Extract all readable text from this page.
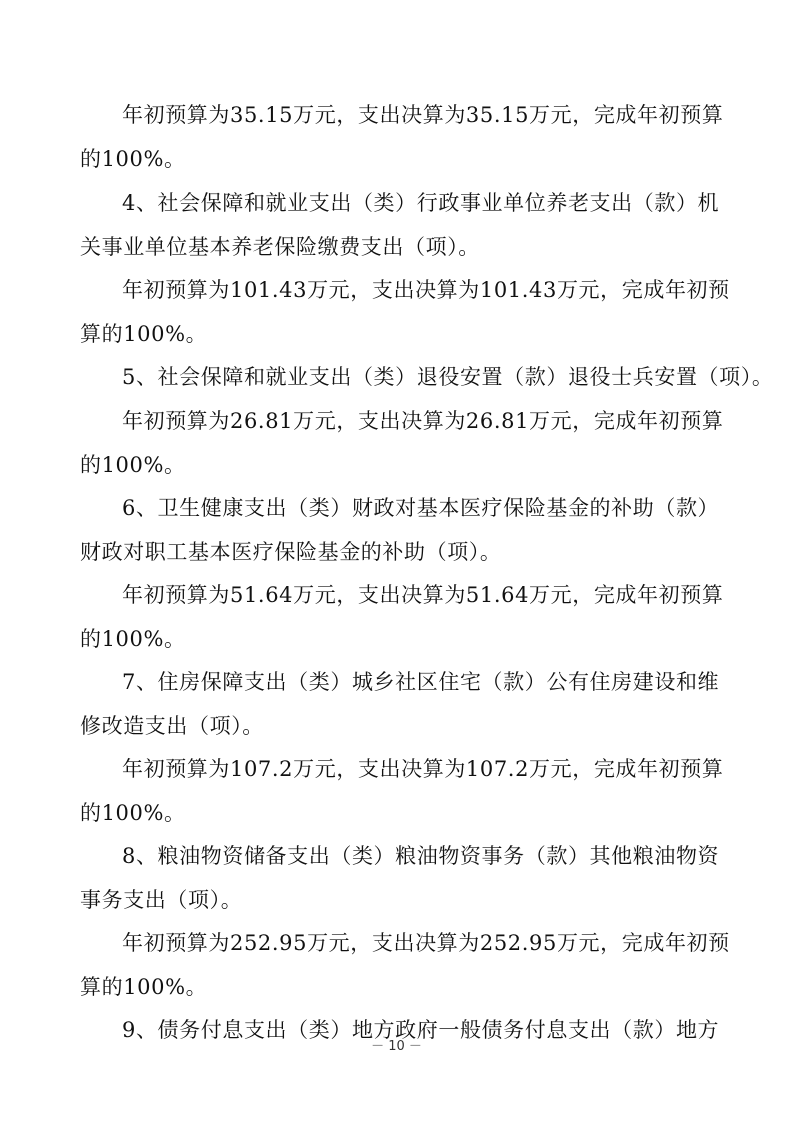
年初预算为35.15万元，支出决算为35.15万元，完成年初预算
的100%。
4、社会保障和就业支出（类）行政事业单位养老支出（款）机
关事业单位基本养老保险缴费支出（项）。
年初预算为101.43万元，支出决算为101.43万元，完成年初预
算的100%。
5、社会保障和就业支出（类）退役安置（款）退役士兵安置（项）。
年初预算为26.81万元，支出决算为26.81万元，完成年初预算
的100%。
6、卫生健康支出（类）财政对基本医疗保险基金的补助（款）
财政对职工基本医疗保险基金的补助（项）。
年初预算为51.64万元，支出决算为51.64万元，完成年初预算
的100%。
7、住房保障支出（类）城乡社区住宅（款）公有住房建设和维
修改造支出（项）。
年初预算为107.2万元，支出决算为107.2万元，完成年初预算
的100%。
8、粮油物资储备支出（类）粮油物资事务（款）其他粮油物资
事务支出（项）。
年初预算为252.95万元，支出决算为252.95万元，完成年初预
算的100%。
9、债务付息支出（类）地方政府一般债务付息支出（款）地方
－ 10 －
